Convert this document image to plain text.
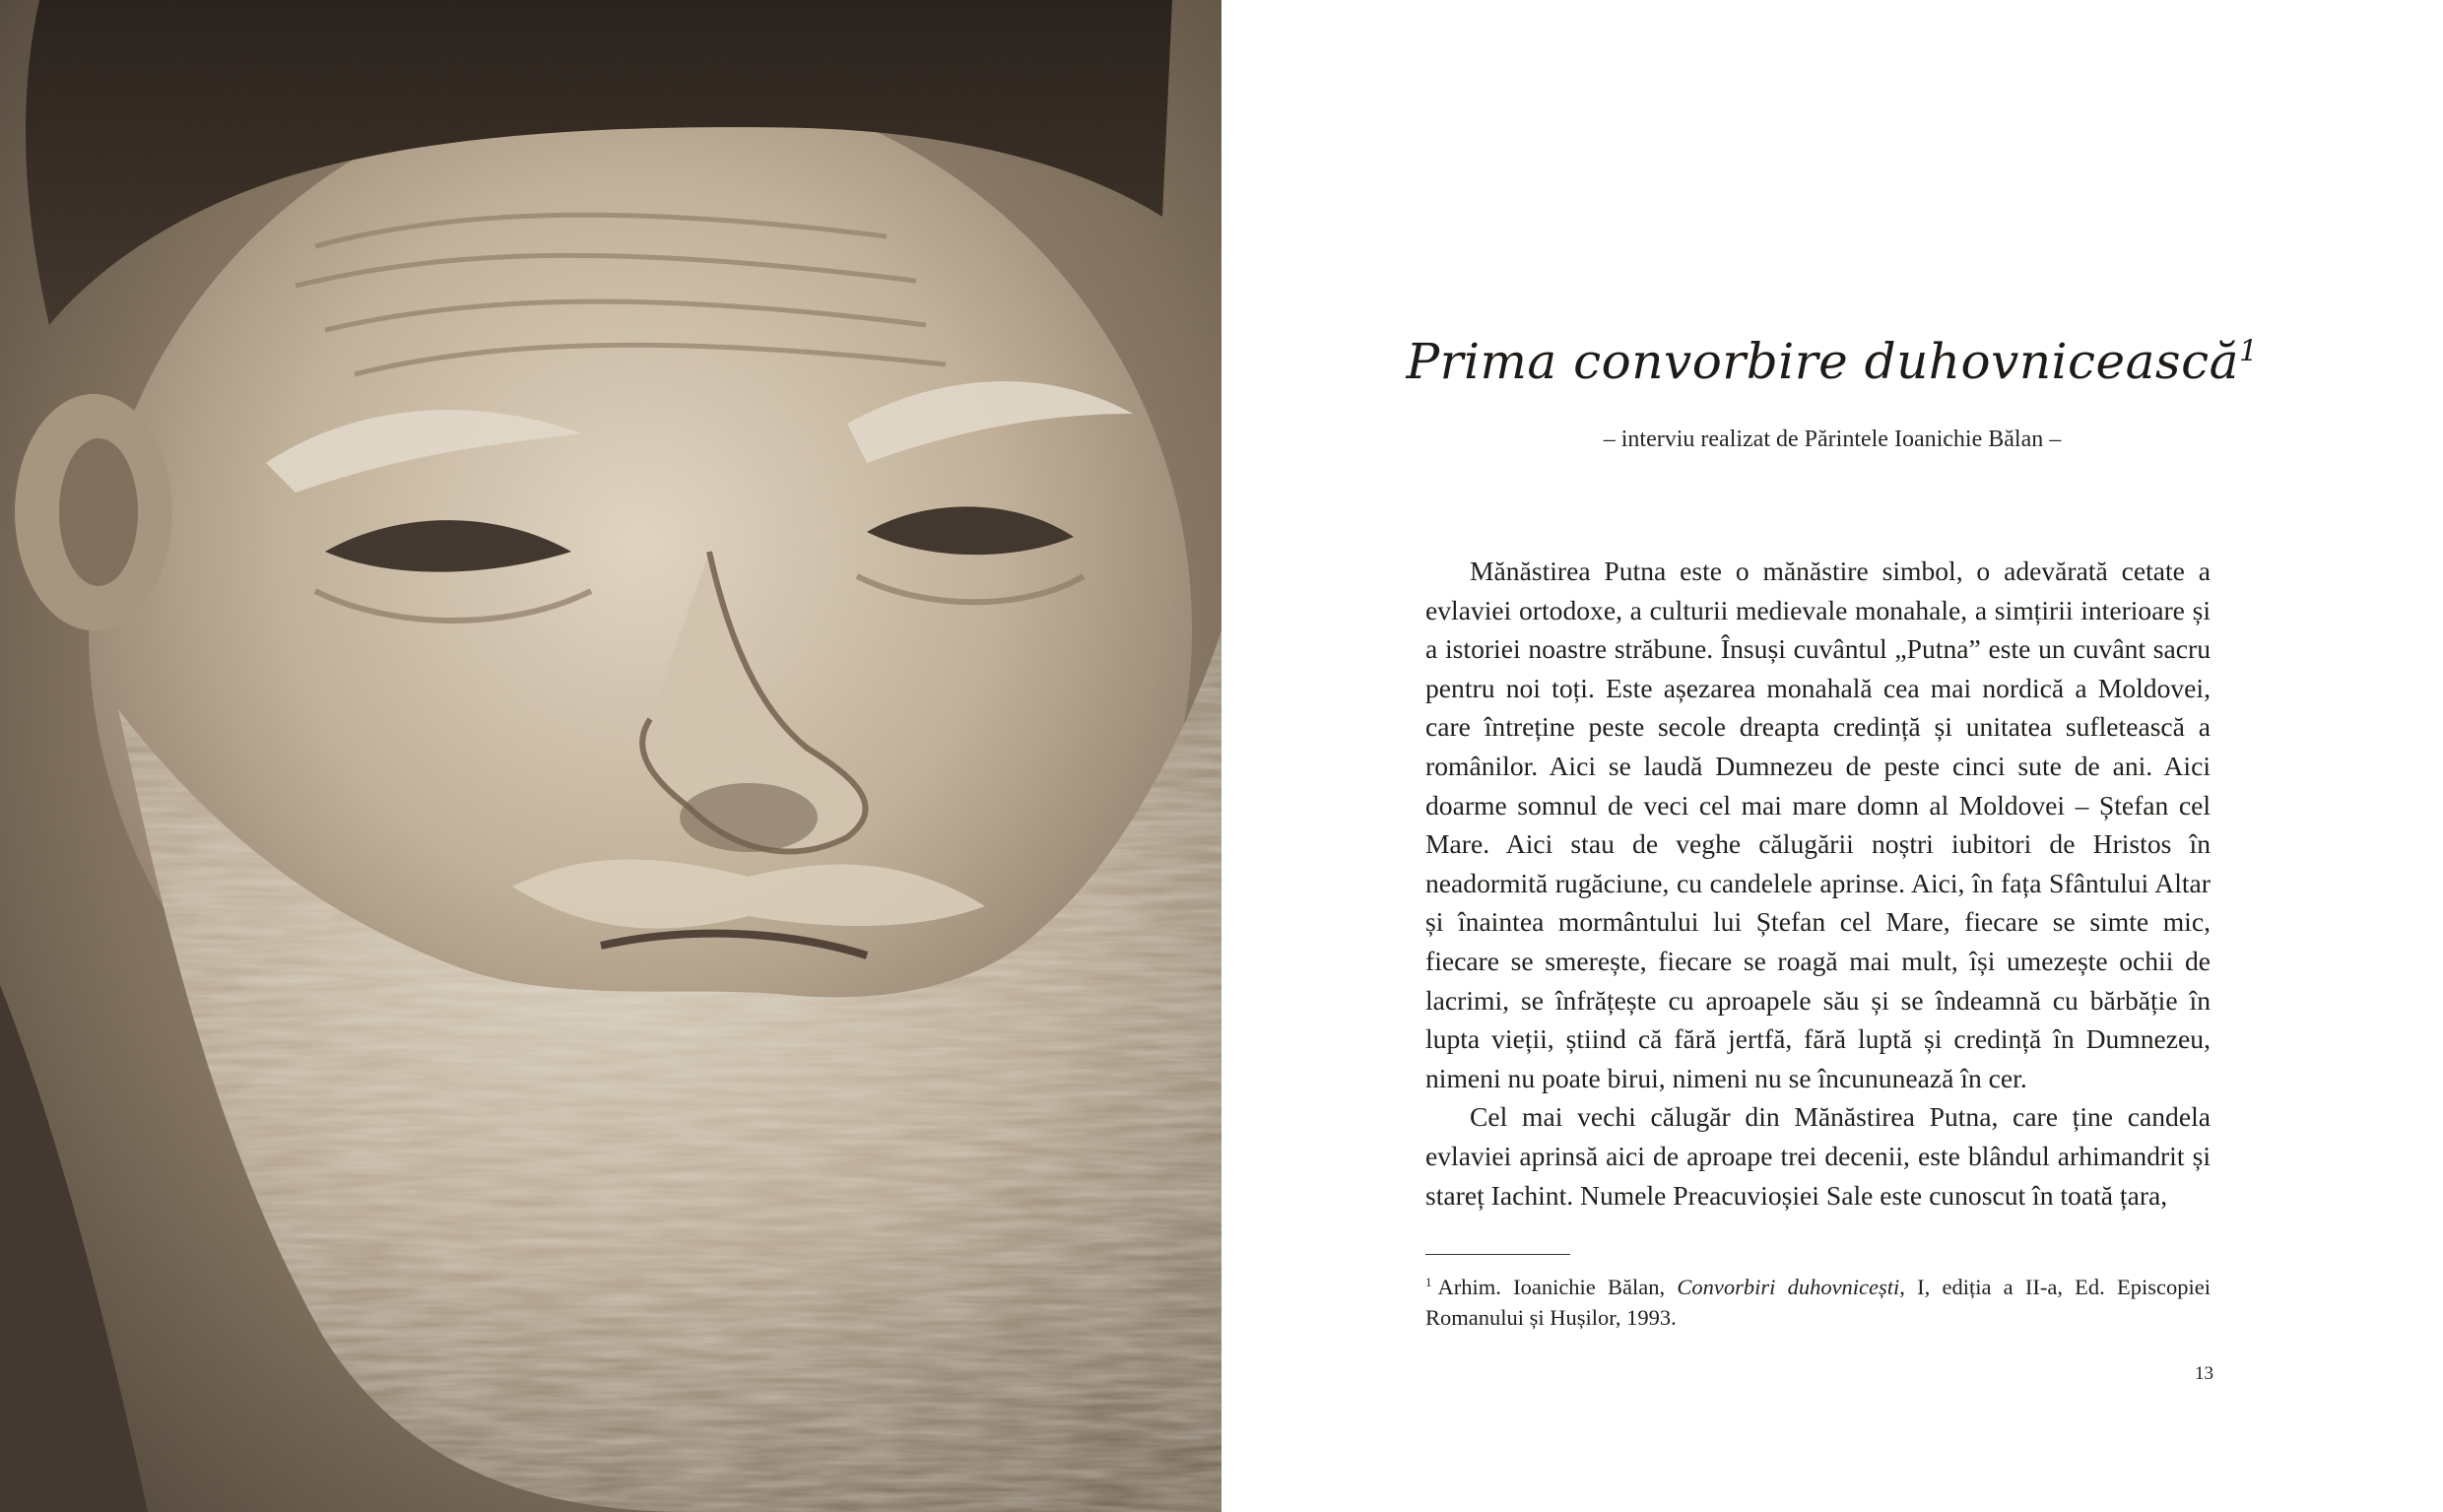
Prima convorbire duhovnicească$^1$
– interviu realizat de Părintele Ioanichie Bălan –

Mănăstirea Putna este o mănăstire simbol, o adevărată cetate a evlaviei ortodoxe, a culturii medievale monahale, a simțirii interioare și a istoriei noastre străbune. Însuși cuvântul „Putna” este un cuvânt sacru pentru noi toți. Este așezarea monahală cea mai nordică a Moldovei, care întreține peste secole dreapta credință și unitatea sufletească a românilor. Aici se laudă Dumnezeu de peste cinci sute de ani. Aici doarme somnul de veci cel mai mare domn al Moldovei – Ștefan cel Mare. Aici stau de veghe călugării noștri iubitori de Hristos în neadormită rugăciune, cu candelele aprinse. Aici, în fața Sfântului Altar și înaintea mormântului lui Ștefan cel Mare, fiecare se simte mic, fiecare se smerește, fiecare se roagă mai mult, își umezește ochii de lacrimi, se înfrățește cu aproapele său și se îndeamnă cu bărbăție în lupta vieții, știind că fără jertfă, fără luptă și credință în Dumnezeu, nimeni nu poate birui, nimeni nu se încununează în cer.

Cel mai vechi călugăr din Mănăstirea Putna, care ține candela evlaviei aprinsă aici de aproape trei decenii, este blândul arhimandrit și stareț Iachint. Numele Preacuvioșiei Sale este cunoscut în toată țara,

$^1$ Arhim. Ioanichie Bălan, Convorbiri duhovnicești, I, ediția a II-a, Ed. Episcopiei Romanului și Hușilor, 1993.
13
